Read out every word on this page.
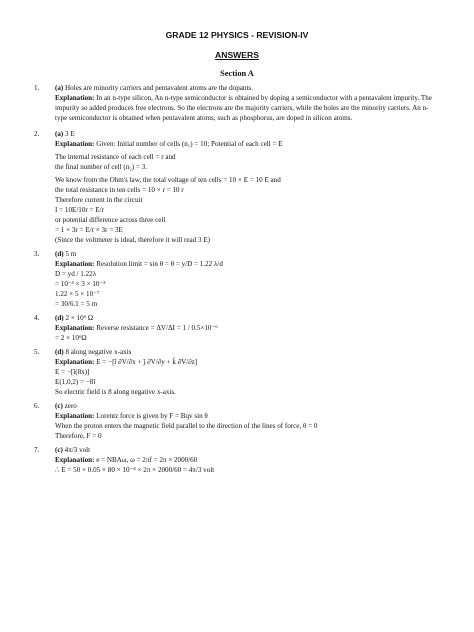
GRADE 12 PHYSICS - REVISION-IV
ANSWERS
Section A
1. (a) Holes are minority carriers and pentavalent atoms are the dopants.
Explanation: In an n-type silicon, An n-type semiconductor is obtained by doping a semiconductor with a pentavalent impurity. The impurity so added produces free electrons. So the electrons are the majority carriers, while the holes are the minority carriers. An n-type semiconductor is obtained when pentavalent atoms, such as phosphorus, are doped in silicon atoms.
2. (a) 3 E
Explanation: Given: Initial number of cells (n₁) = 10; Potential of each cell = E
The internal resistance of each cell = r and
the final number of cell (n₂) = 3.
We know from the Ohm's law, the total voltage of ten cells = 10 × E = 10 E and
the total resistance in ten cells = 10 × r = 10 r
Therefore current in the circuit
I = 10E/10r = E/r
or potential difference across three cell
= 1 × 3r = E/r × 3r = 3E
(Since the voltmeter is ideal, therefore it will read 3 E)
3. (d) 5 m
Explanation: Resolution limit = sin θ = θ = y/D = 1.22 λ/d
D = yd / 1.22λ
= 10⁻³ × 3 × 10⁻³
1.22 × 5 × 10⁻⁷
= 30/6.1 = 5 m
4. (d) 2 × 10⁶ Ω
Explanation: Reverse resistance = ΔV/ΔI = 1 / 0.5×10⁻⁶
= 2 × 10⁶Ω
5. (d) 8 along negative x-axis
Explanation: E = −[î ∂V/∂x + ĵ ∂V/∂y + k̂ ∂V/∂z]
E = −[î(8x)]
E(1,0,2) = −8î
So electric field is 8 along negative x-axis.
6. (c) zero
Explanation: Lorentz force is given by F = Bqv sin θ
When the proton enters the magnetic field parallel to the direction of the lines of force, θ = 0
Therefore, F = 0
7. (c) 4π/3 volt
Explanation: e = NBAω, ω = 2πf = 2π × 2000/60
∴ E = 50 × 0.05 × 80 × 10⁻⁴ × 2π × 2000/60 = 4π/3 volt
